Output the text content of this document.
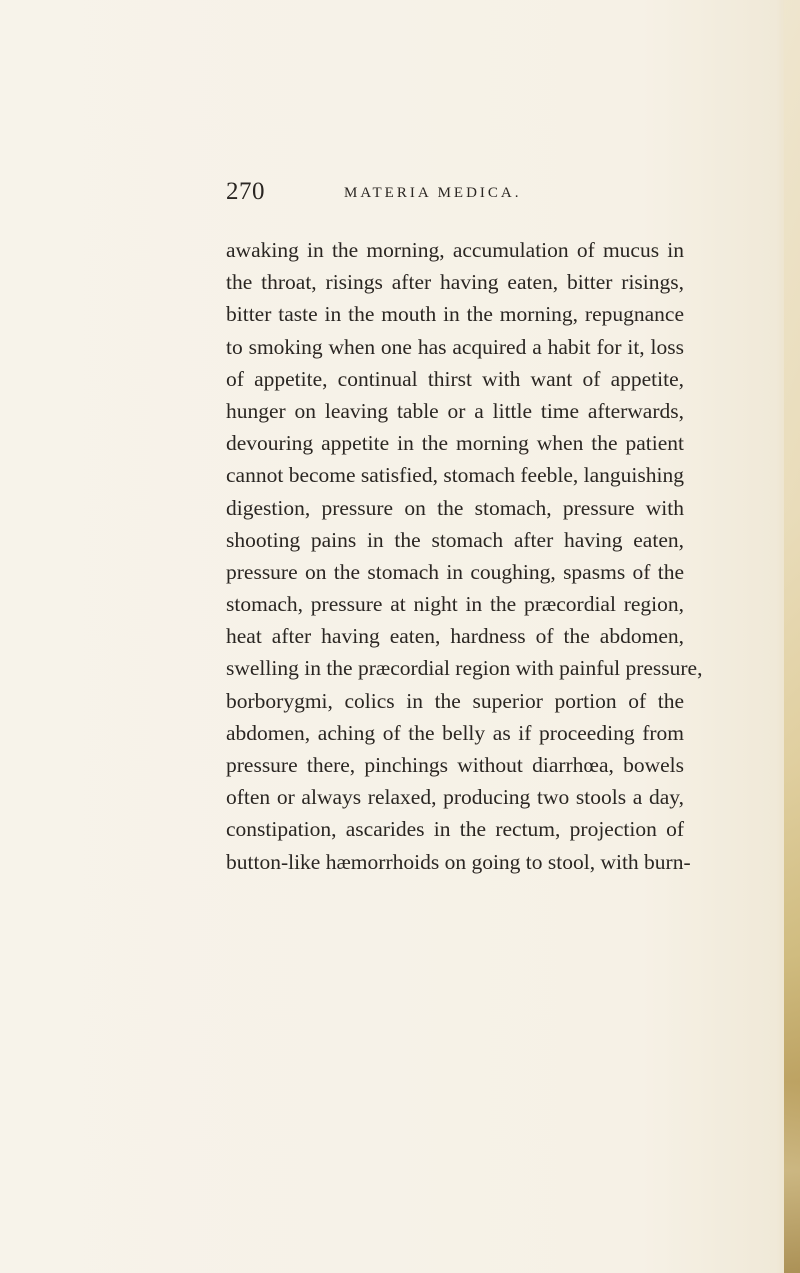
270	MATERIA MEDICA.
awaking in the morning, accumulation of mucus in
the throat, risings after having eaten, bitter risings,
bitter taste in the mouth in the morning, repugnance
to smoking when one has acquired a habit for it, loss
of appetite, continual thirst with want of appetite,
hunger on leaving table or a little time afterwards,
devouring appetite in the morning when the patient
cannot become satisfied, stomach feeble, languishing
digestion, pressure on the stomach, pressure with
shooting pains in the stomach after having eaten,
pressure on the stomach in coughing, spasms of the
stomach, pressure at night in the præcordial region,
heat after having eaten, hardness of the abdomen,
swelling in the præcordial region with painful pressure,
borborygmi, colics in the superior portion of the
abdomen, aching of the belly as if proceeding from
pressure there, pinchings without diarrhœa, bowels
often or always relaxed, producing two stools a day,
constipation, ascarides in the rectum, projection of
button-like hæmorrhoids on going to stool, with burn-
